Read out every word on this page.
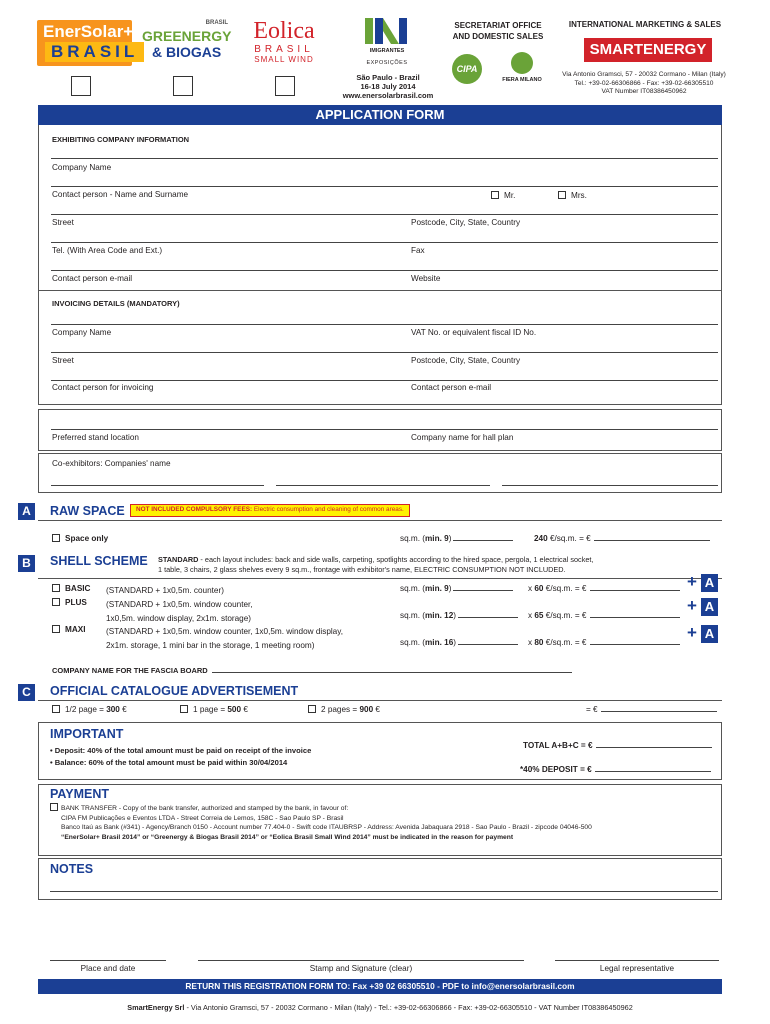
EnerSolar+
BRASIL
BRASIL
GREENERGY
& BIOGAS
Eolica
BRASIL
SMALL WIND
IMIGRANTES
EXPOSIÇÕES
CIPA
FIERA MILANO
SECRETARIAT OFFICE
AND DOMESTIC SALES
São Paulo - Brazil
16-18 July 2014
www.enersolarbrasil.com
INTERNATIONAL MARKETING & SALES
SMARTENERGY
Via Antonio Gramsci, 57 - 20032 Cormano - Milan (Italy)
Tel.: +39-02-66306866 - Fax: +39-02-66305510
VAT Number IT08386450962
APPLICATION FORM
EXHIBITING COMPANY INFORMATION
Company Name
Contact person - Name and Surname	Mr.	Mrs.
Street	Postcode, City, State, Country
Tel. (With Area Code and Ext.)	Fax
Contact person e-mail	Website
INVOICING DETAILS (MANDATORY)
Company Name	VAT No. or equivalent fiscal ID No.
Street	Postcode, City, State, Country
Contact person for invoicing	Contact person e-mail
Preferred stand location	Company name for hall plan
Co-exhibitors: Companies' name
A	RAW SPACE	NOT INCLUDED COMPULSORY FEES: Electric consumption and cleaning of common areas.
Space only	sq.m. (min. 9)	240 €/sq.m. = €
B	SHELL SCHEME STANDARD - each layout includes: back and side walls, carpeting, spotlights according to the hired space, pergola, 1 electrical socket,
1 table, 3 chairs, 2 glass shelves every 9 sq.m., frontage with exhibitor's name, ELECTRIC CONSUMPTION NOT INCLUDED.
BASIC (STANDARD + 1x0,5m. counter)	sq.m. (min. 9)	x 60 €/sq.m. = €	+ A
PLUS (STANDARD + 1x0,5m. window counter,
1x0,5m. window display, 2x1m. storage)	sq.m. (min. 12)	x 65 €/sq.m. = €
+ A
MAXI	(STANDARD + 1x0,5m. window counter, 1x0,5m. window display,
2x1m. storage, 1 mini bar in the storage, 1 meeting room)	sq.m. (min. 16)	x 80 €/sq.m. = €
+ A
COMPANY NAME FOR THE FASCIA BOARD
C	OFFICIAL CATALOGUE ADVERTISEMENT
1/2 page = 300 €	1 page = 500 €	2 pages = 900 €	= €
IMPORTANT
• Deposit: 40% of the total amount must be paid on receipt of the invoice
• Balance: 60% of the total amount must be paid within 30/04/2014
TOTAL A+B+C = €
*40% DEPOSIT = €
PAYMENT
BANK TRANSFER - Copy of the bank transfer, authorized and stamped by the bank, in favour of:
CIPA FM Publicações e Eventos LTDA - Street Correia de Lemos, 158C - Sao Paulo SP - Brasil
Banco Itaú as Bank (#341) - Agency/Branch 0150 - Account number 77.404-0 - Swift code ITAUBRSP - Address: Avenida Jabaquara 2918 - Sao Paulo - Brazil - zipcode 04046-500
“EnerSolar+ Brasil 2014” or “Greenergy & Biogas Brasil 2014” or “Eolica Brasil Small Wind 2014” must be indicated in the reason for payment
NOTES
Place and date	Stamp and Signature (clear)	Legal representative
RETURN THIS REGISTRATION FORM TO: Fax +39 02 66305510 - PDF to info@enersolarbrasil.com
SmartEnergy Srl - Via Antonio Gramsci, 57 - 20032 Cormano - Milan (Italy) - Tel.: +39-02-66306866 - Fax: +39-02-66305510 - VAT Number IT08386450962
